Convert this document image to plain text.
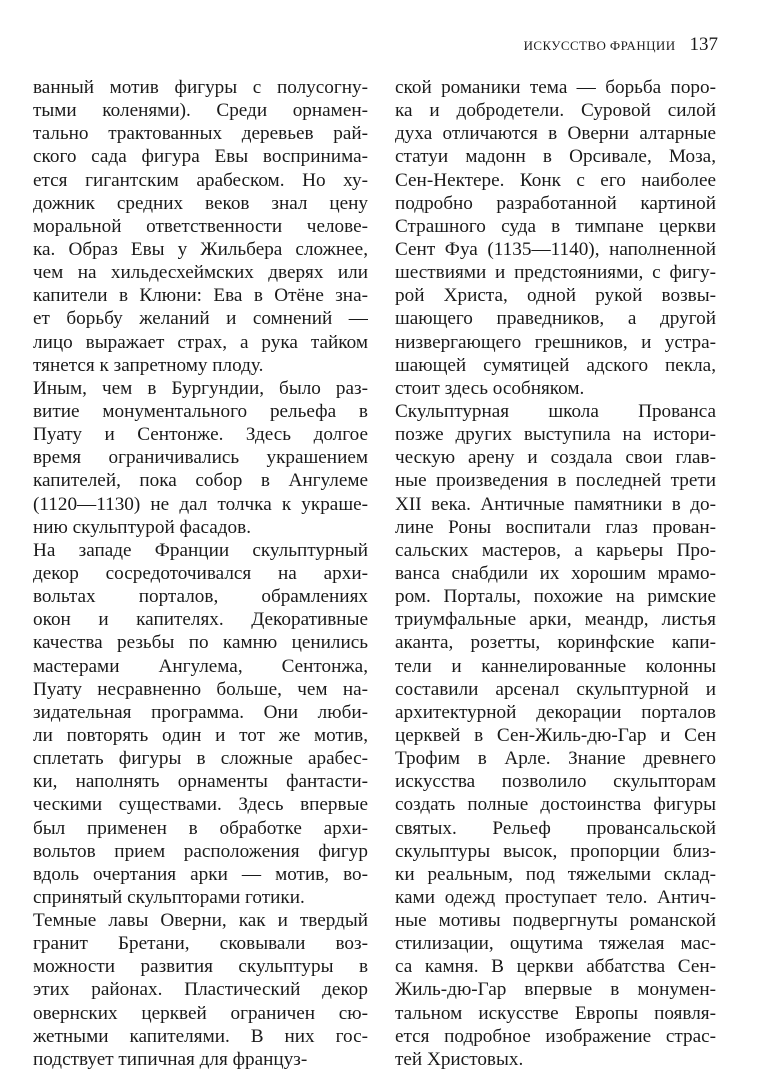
ИСКУССТВО ФРАНЦИИ 137
ванный мотив фигуры с полусогну-
тыми коленями). Среди орнамен-
тально трактованных деревьев рай-
ского сада фигура Евы воспринима-
ется гигантским арабеском. Но ху-
дожник средних веков знал цену
моральной ответственности челове-
ка. Образ Евы у Жильбера сложнее,
чем на хильдесхеймских дверях или
капители в Клюни: Ева в Отёне зна-
ет борьбу желаний и сомнений —
лицо выражает страх, а рука тайком
тянется к запретному плоду.
Иным, чем в Бургундии, было раз-
витие монументального рельефа в
Пуату и Сентонже. Здесь долгое
время ограничивались украшением
капителей, пока собор в Ангулеме
(1120—1130) не дал толчка к украше-
нию скульптурой фасадов.
На западе Франции скульптурный
декор сосредоточивался на архи-
вольтах порталов, обрамлениях
окон и капителях. Декоративные
качества резьбы по камню ценились
мастерами Ангулема, Сентонжа,
Пуату несравненно больше, чем на-
зидательная программа. Они люби-
ли повторять один и тот же мотив,
сплетать фигуры в сложные арабес-
ки, наполнять орнаменты фантасти-
ческими существами. Здесь впервые
был применен в обработке архи-
вольтов прием расположения фигур
вдоль очертания арки — мотив, во-
спринятый скульпторами готики.
Темные лавы Оверни, как и твердый
гранит Бретани, сковывали воз-
можности развития скульптуры в
этих районах. Пластический декор
овернских церквей ограничен сю-
жетными капителями. В них гос-
подствует типичная для француз-
ской романики тема — борьба поро-
ка и добродетели. Суровой силой
духа отличаются в Оверни алтарные
статуи мадонн в Орсивале, Моза,
Сен-Нектере. Конк с его наиболее
подробно разработанной картиной
Страшного суда в тимпане церкви
Сент Фуа (1135—1140), наполненной
шествиями и предстояниями, с фигу-
рой Христа, одной рукой возвы-
шающего праведников, а другой
низвергающего грешников, и устра-
шающей сумятицей адского пекла,
стоит здесь особняком.
Скульптурная школа Прованса
позже других выступила на истори-
ческую арену и создала свои глав-
ные произведения в последней трети
XII века. Античные памятники в до-
лине Роны воспитали глаз прован-
сальских мастеров, а карьеры Про-
ванса снабдили их хорошим мрамо-
ром. Порталы, похожие на римские
триумфальные арки, меандр, листья
аканта, розетты, коринфские капи-
тели и каннелированные колонны
составили арсенал скульптурной и
архитектурной декорации порталов
церквей в Сен-Жиль-дю-Гар и Сен
Трофим в Арле. Знание древнего
искусства позволило скульпторам
создать полные достоинства фигуры
святых. Рельеф провансальской
скульптуры высок, пропорции близ-
ки реальным, под тяжелыми склад-
ками одежд проступает тело. Антич-
ные мотивы подвергнуты романской
стилизации, ощутима тяжелая мас-
са камня. В церкви аббатства Сен-
Жиль-дю-Гар впервые в монумен-
тальном искусстве Европы появля-
ется подробное изображение страс-
тей Христовых.
